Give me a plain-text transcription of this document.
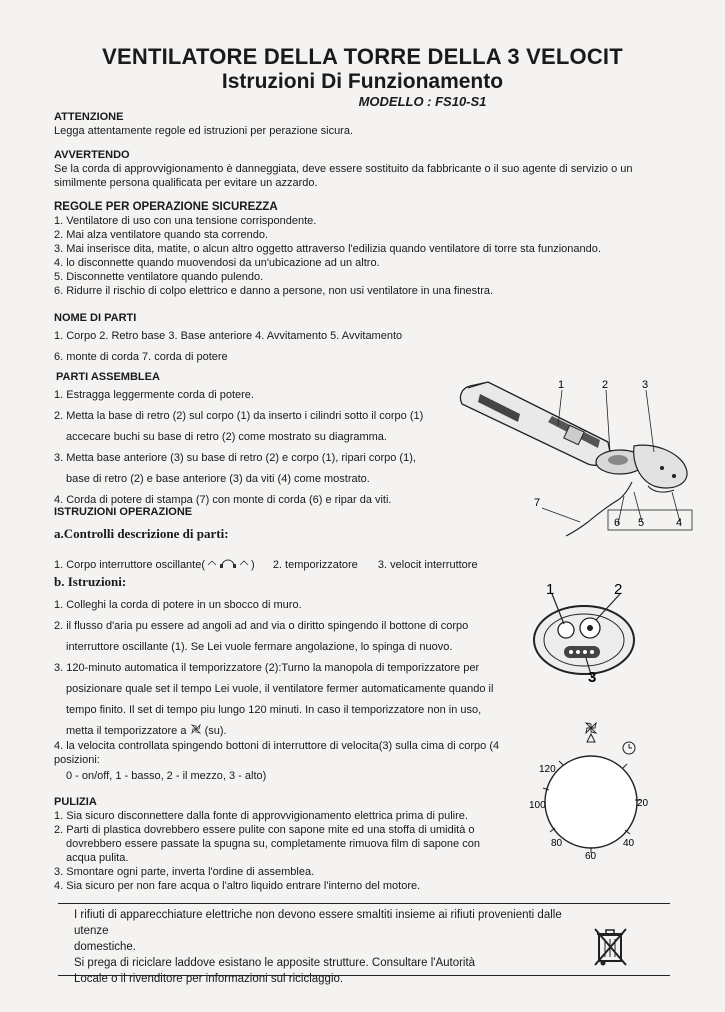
VENTILATORE DELLA TORRE DELLA 3 VELOCIT
Istruzioni Di Funzionamento
MODELLO : FS10-S1
ATTENZIONE
Leggа attentamente regole ed istruzioni per perazione sicura.
AVVERTENDO
Se la corda di approvvigionamento è danneggiata, deve essere sostituito da fabbricante o il suo agente di servizio o un
similmente persona qualificata per evitare un azzardo.
REGOLE PER OPERAZIONE SICUREZZA
1. Ventilatore di uso con una tensione corrispondente.
2. Mai alza ventilatore quando sta correndo.
3. Mai inserisce dita, matite, o alcun altro oggetto attraverso l'edilizia quando ventilatore di torre sta funzionando.
4. lo disconnette quando muovendosi da un'ubicazione ad un altro.
5. Disconnette ventilatore quando pulendo.
6. Ridurre il rischio di colpo elettrico e danno a persone, non usi ventilatore in una finestra.
NOME DI PARTI
1. Corpo 2. Retro base 3. Base anteriore 4. Avvitamento 5. Avvitamento
6. monte di corda 7. corda di potere
PARTI ASSEMBLEA
1. Estragga leggermente corda di potere.
2. Metta la base di retro (2) sul corpo (1) da inserto i cilindri sotto il corpo (1)
accecare buchi su base di retro (2) come mostrato su diagramma.
3. Metta base anteriore (3) su base di retro (2) e corpo (1), ripari corpo (1),
base di retro (2) e base anteriore (3) da viti (4) come mostrato.
4. Corda di potere di stampa (7) con monte di corda (6) e ripar da viti.
ISTRUZIONI OPERAZIONE
a.Controlli descrizione di parti:
1. Corpo interruttore oscillante(	) 2. temporizzatore 3. velocit interruttore
b. Istruzioni:
1. Colleghi la corda di potere in un sbocco di muro.
2. il flusso d'aria pu essere ad angoli ad and via o diritto spingendo il bottone di corpo
interruttore oscillante (1). Se Lei vuole fermare angolazione, lo spinga di nuovo.
3. 120-minuto automatica il temporizzatore (2):Turno la manopola di temporizzatore per
posizionare quale set il tempo Lei vuole, il ventilatore fermer automaticamente quando il
tempo finito. Il set di tempo piu lungo 120 minuti. In caso il temporizzatore non in uso,
metta il temporizzatore a (su).
4. la velocita controllata spingendo bottoni di interruttore di velocita(3) sulla cima di corpo (4
posizioni:
0 - on/off, 1 - basso, 2 - il mezzo, 3 - alto)
PULIZIA
1. Sia sicuro disconnettere dalla fonte di approvvigionamento elettrica prima di pulire.
2. Parti di plastica dovrebbero essere pulite con sapone mite ed una stoffa di umidità o
dovrebbero essere passate la spugna su, completamente rimuova film di sapone con
acqua pulita.
3. Smontare ogni parte, inverta l'ordine di assemblea.
4. Sia sicuro per non fare acqua o l'altro liquido entrare l'interno del motore.
I rifiuti di apparecchiature elettriche non devono essere smaltiti insieme ai rifiuti provenienti dalle utenze
domestiche.
Si prega di riciclare laddove esistano le apposite strutture. Consultare l'Autorità
Locale o il rivenditore per informazioni sul riciclaggio.
1	2	3
4
5
6
7
1	2
3
120
100
80
60
40
20
